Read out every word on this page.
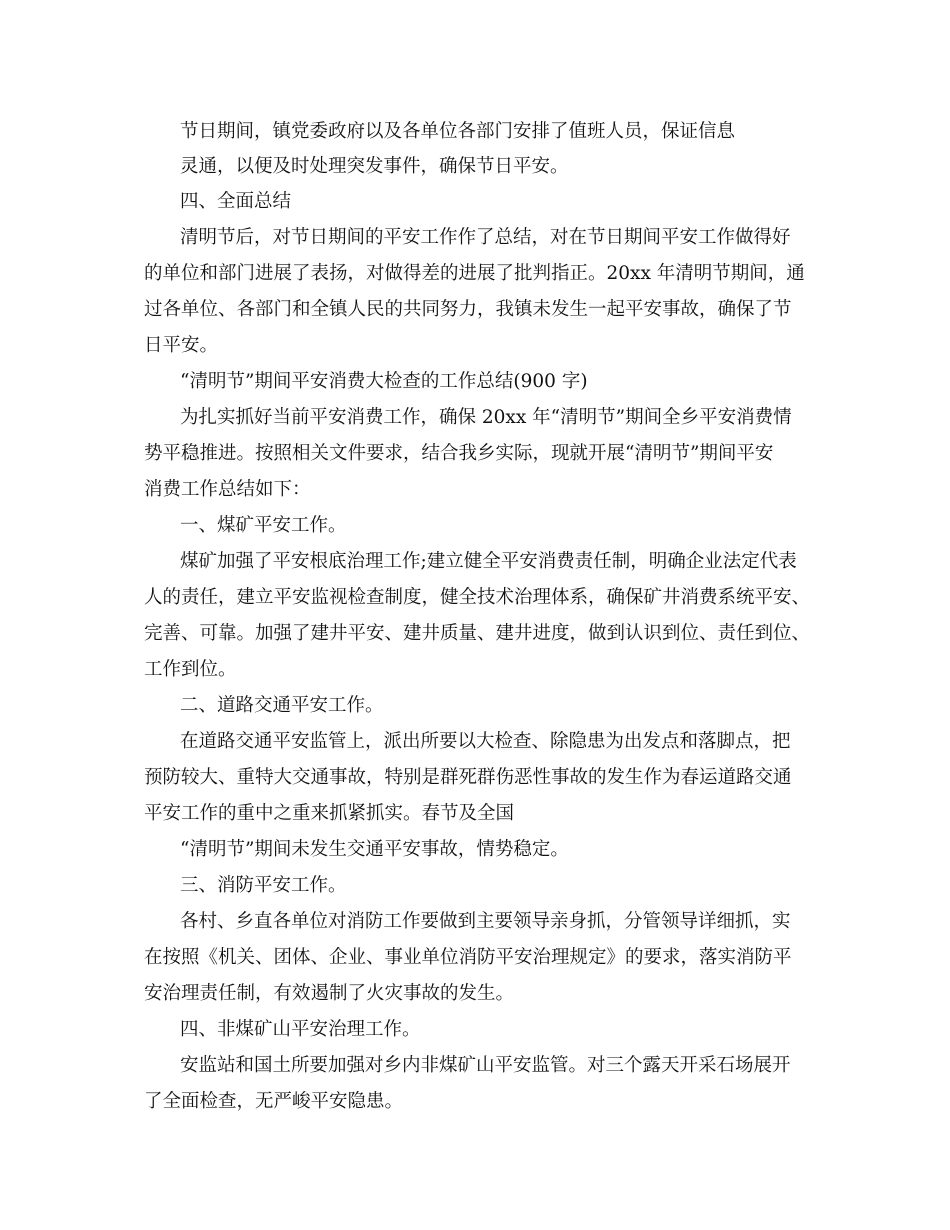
节日期间，镇党委政府以及各单位各部门安排了值班人员，保证信息
灵通，以便及时处理突发事件，确保节日平安。
四、全面总结
清明节后，对节日期间的平安工作作了总结，对在节日期间平安工作做得好
的单位和部门进展了表扬，对做得差的进展了批判指正。20xx 年清明节期间，通
过各单位、各部门和全镇人民的共同努力，我镇未发生一起平安事故，确保了节
日平安。
“清明节”期间平安消费大检查的工作总结(900 字)
为扎实抓好当前平安消费工作，确保 20xx 年“清明节”期间全乡平安消费情
势平稳推进。按照相关文件要求，结合我乡实际，现就开展“清明节”期间平安
消费工作总结如下：
一、煤矿平安工作。
煤矿加强了平安根底治理工作;建立健全平安消费责任制，明确企业法定代表
人的责任，建立平安监视检查制度，健全技术治理体系，确保矿井消费系统平安、
完善、可靠。加强了建井平安、建井质量、建井进度，做到认识到位、责任到位、
工作到位。
二、道路交通平安工作。
在道路交通平安监管上，派出所要以大检查、除隐患为出发点和落脚点，把
预防较大、重特大交通事故，特别是群死群伤恶性事故的发生作为春运道路交通
平安工作的重中之重来抓紧抓实。春节及全国
“清明节”期间未发生交通平安事故，情势稳定。
三、消防平安工作。
各村、乡直各单位对消防工作要做到主要领导亲身抓，分管领导详细抓，实
在按照《机关、团体、企业、事业单位消防平安治理规定》的要求，落实消防平
安治理责任制，有效遏制了火灾事故的发生。
四、非煤矿山平安治理工作。
安监站和国土所要加强对乡内非煤矿山平安监管。对三个露天开采石场展开
了全面检查，无严峻平安隐患。
